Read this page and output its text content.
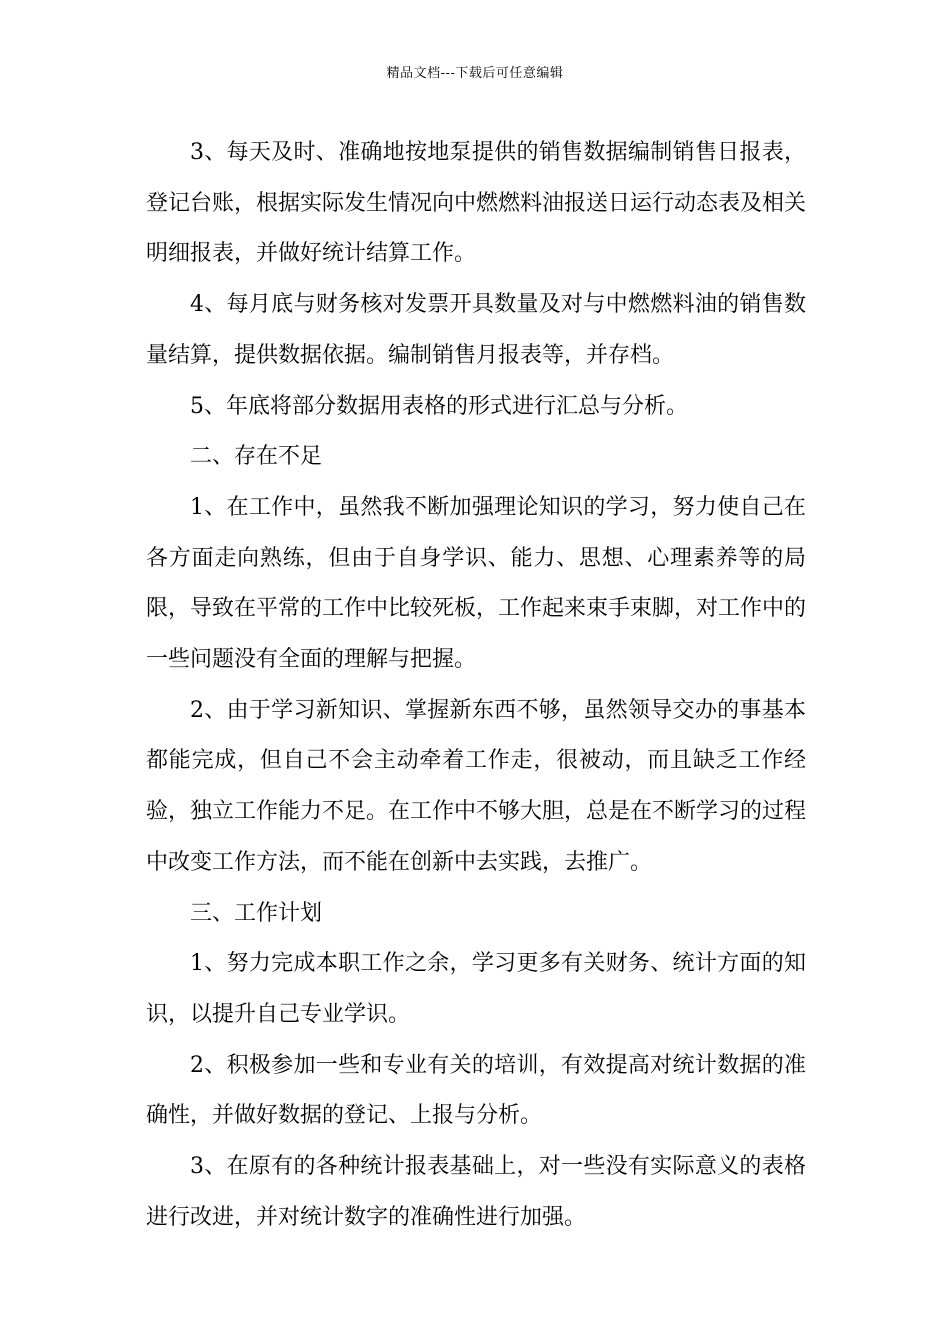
精品文档---下载后可任意编辑

3、每天及时、准确地按地泵提供的销售数据编制销售日报表，登记台账，根据实际发生情况向中燃燃料油报送日运行动态表及相关明细报表，并做好统计结算工作。

4、每月底与财务核对发票开具数量及对与中燃燃料油的销售数量结算，提供数据依据。编制销售月报表等，并存档。

5、年底将部分数据用表格的形式进行汇总与分析。

二、存在不足

1、在工作中，虽然我不断加强理论知识的学习，努力使自己在各方面走向熟练，但由于自身学识、能力、思想、心理素养等的局限，导致在平常的工作中比较死板，工作起来束手束脚，对工作中的一些问题没有全面的理解与把握。

2、由于学习新知识、掌握新东西不够，虽然领导交办的事基本都能完成，但自己不会主动牵着工作走，很被动，而且缺乏工作经验，独立工作能力不足。在工作中不够大胆，总是在不断学习的过程中改变工作方法，而不能在创新中去实践，去推广。

三、工作计划

1、努力完成本职工作之余，学习更多有关财务、统计方面的知识，以提升自己专业学识。

2、积极参加一些和专业有关的培训，有效提高对统计数据的准确性，并做好数据的登记、上报与分析。

3、在原有的各种统计报表基础上，对一些没有实际意义的表格进行改进，并对统计数字的准确性进行加强。
